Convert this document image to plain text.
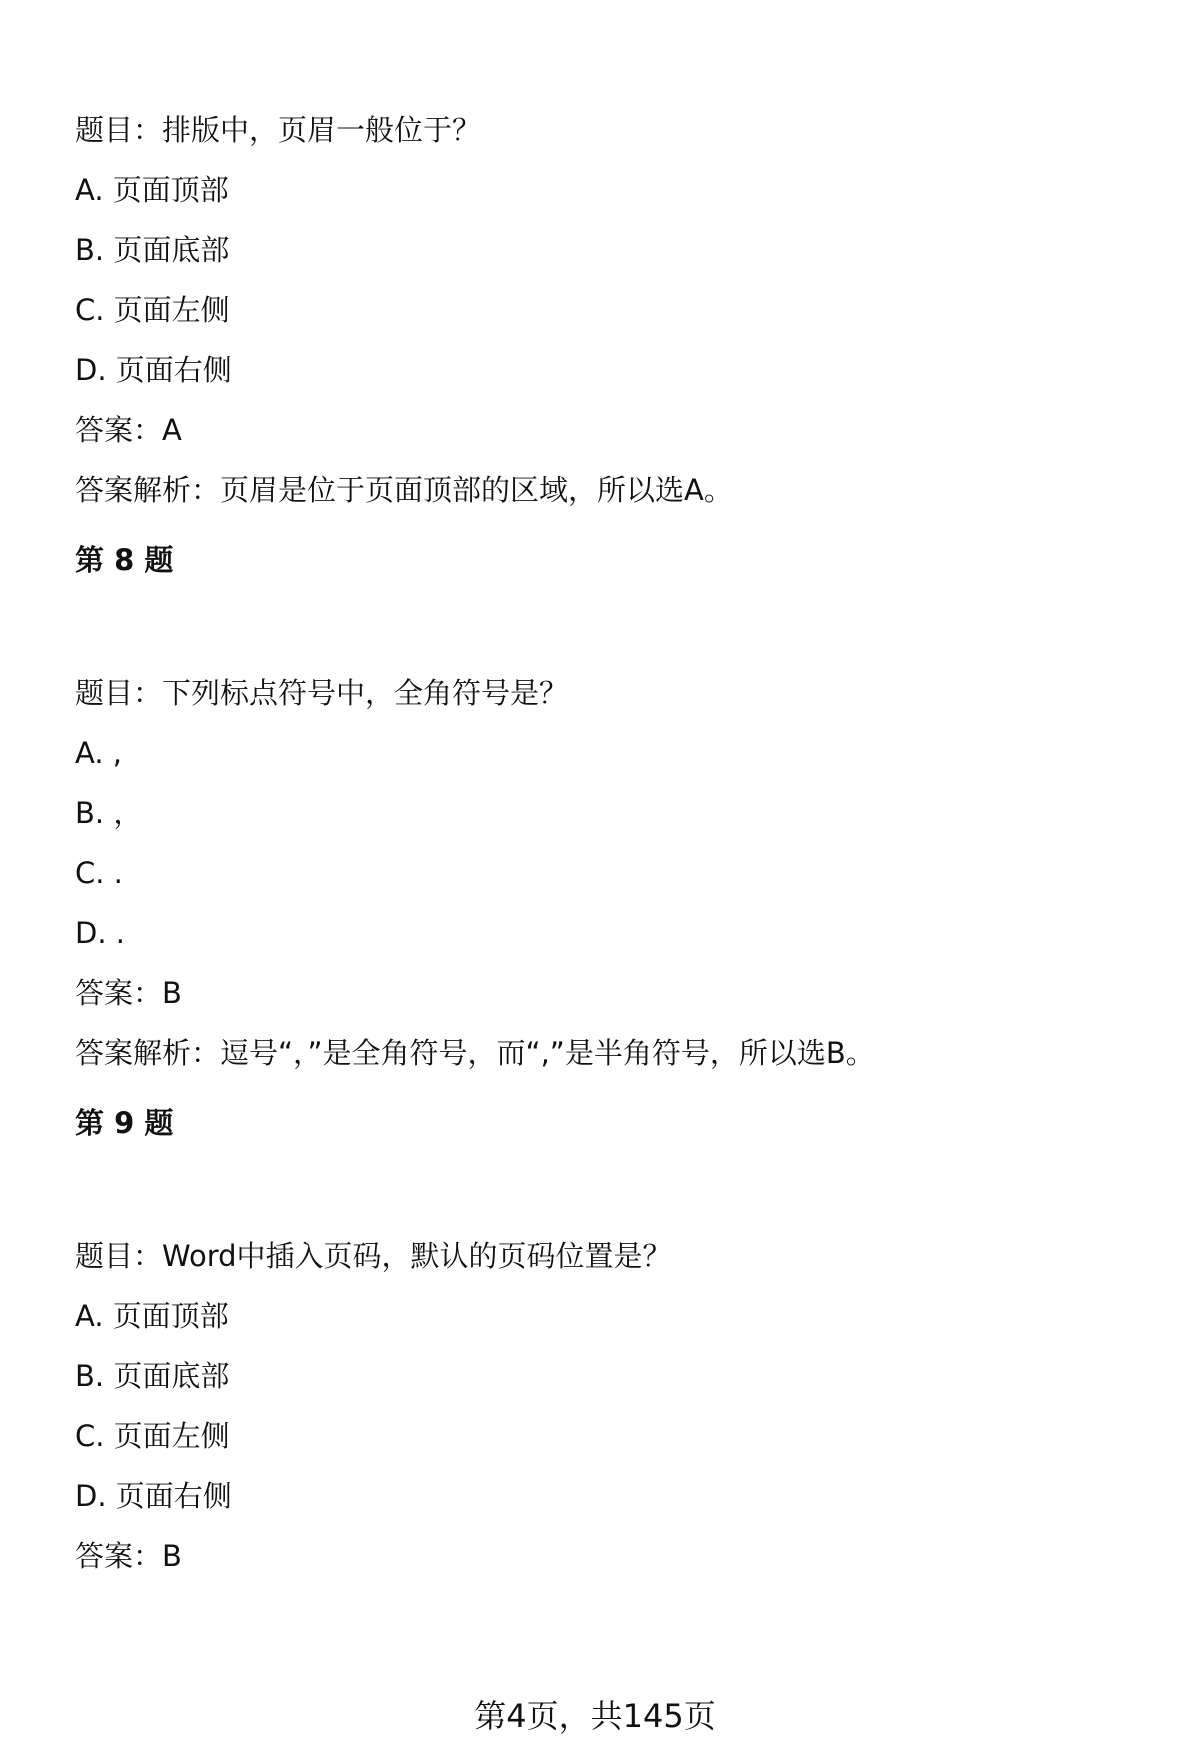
题目：排版中，页眉一般位于？
A. 页面顶部
B. 页面底部
C. 页面左侧
D. 页面右侧
答案：A
答案解析：页眉是位于页面顶部的区域，所以选A。
第 8 题
题目：下列标点符号中，全角符号是？
A. ,
B. ，
C. .
D. .
答案：B
答案解析：逗号“，”是全角符号，而“,”是半角符号，所以选B。
第 9 题
题目：Word中插入页码，默认的页码位置是？
A. 页面顶部
B. 页面底部
C. 页面左侧
D. 页面右侧
答案：B
第4页，共145页
